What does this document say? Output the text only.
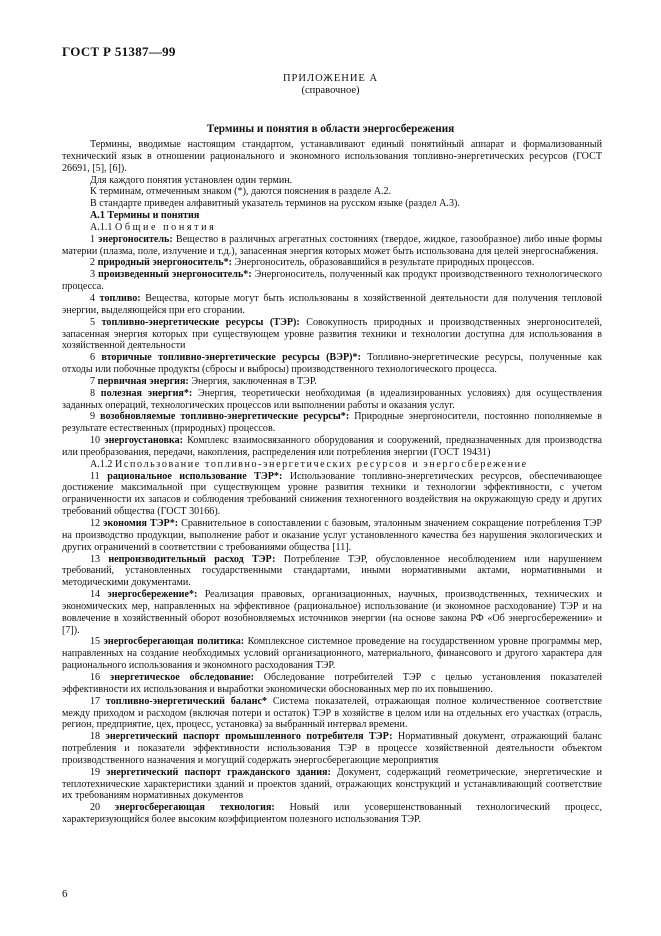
ГОСТ Р 51387—99
ПРИЛОЖЕНИЕ А
(справочное)
Термины и понятия в области энергосбережения

Термины, вводимые настоящим стандартом, устанавливают единый понятийный аппарат и формализованный технический язык в отношении рационального и экономного использования топливно-энергетических ресурсов (ГОСТ 26691, [5], [6]).

Для каждого понятия установлен один термин.

К терминам, отмеченным знаком (*), даются пояснения в разделе А.2.

В стандарте приведен алфавитный указатель терминов на русском языке (раздел А.3).

А.1 Термины и понятия

А.1.1 Общие понятия

1 энергоноситель: Вещество в различных агрегатных состояниях (твердое, жидкое, газообразное) либо иные формы материи (плазма, поле, излучение и т.д.), запасенная энергия которых может быть использована для целей энергоснабжения.

2 природный энергоноситель*: Энергоноситель, образовавшийся в результате природных процессов.

3 произведенный энергоноситель*: Энергоноситель, полученный как продукт производственного технологического процесса.

4 топливо: Вещества, которые могут быть использованы в хозяйственной деятельности для получения тепловой энергии, выделяющейся при его сгорании.

5 топливно-энергетические ресурсы (ТЭР): Совокупность природных и производственных энергоносителей, запасенная энергия которых при существующем уровне развития техники и технологии доступна для использования в хозяйственной деятельности

6 вторичные топливно-энергетические ресурсы (ВЭР)*: Топливно-энергетические ресурсы, полученные как отходы или побочные продукты (сбросы и выбросы) производственного технологического процесса.

7 первичная энергия: Энергия, заключенная в ТЭР.

8 полезная энергия*: Энергия, теоретически необходимая (в идеализированных условиях) для осуществления заданных операций, технологических процессов или выполнении работы и оказания услуг.

9 возобновляемые топливно-энергетические ресурсы*: Природные энергоносители, постоянно пополняемые в результате естественных (природных) процессов.

10 энергоустановка: Комплекс взаимосвязанного оборудования и сооружений, предназначенных для производства или преобразования, передачи, накопления, распределения или потребления энергии (ГОСТ 19431)

А.1.2 Использование топливно-энергетических ресурсов и энергосбережение

11 рациональное использование ТЭР*: Использование топливно-энергетических ресурсов, обеспечивающее достижение максимальной при существующем уровне развития техники и технологии эффективности, с учетом ограниченности их запасов и соблюдения требований снижения техногенного воздействия на окружающую среду и других требований общества (ГОСТ 30166).

12 экономия ТЭР*: Сравнительное в сопоставлении с базовым, эталонным значением сокращение потребления ТЭР на производство продукции, выполнение работ и оказание услуг установленного качества без нарушения экологических и других ограничений в соответствии с требованиями общества [11].

13 непроизводительный расход ТЭР: Потребление ТЭР, обусловленное несоблюдением или нарушением требований, установленных государственными стандартами, иными нормативными актами, нормативными и методическими документами.

14 энергосбережение*: Реализация правовых, организационных, научных, производственных, технических и экономических мер, направленных на эффективное (рациональное) использование (и экономное расходование) ТЭР и на вовлечение в хозяйственный оборот возобновляемых источников энергии (на основе закона РФ «Об энергосбережении» и [7]).

15 энергосберегающая политика: Комплексное системное проведение на государственном уровне программы мер, направленных на создание необходимых условий организационного, материального, финансового и другого характера для рационального использования и экономного расходования ТЭР.

16 энергетическое обследование: Обследование потребителей ТЭР с целью установления показателей эффективности их использования и выработки экономически обоснованных мер по их повышению.

17 топливно-энергетический баланс* Система показателей, отражающая полное количественное соответствие между приходом и расходом (включая потери и остаток) ТЭР в хозяйстве в целом или на отдельных его участках (отрасль, регион, предприятие, цех, процесс, установка) за выбранный интервал времени.

18 энергетический паспорт промышленного потребителя ТЭР: Нормативный документ, отражающий баланс потребления и показатели эффективности использования ТЭР в процессе хозяйственной деятельности объектом производственного назначения и могущий содержать энергосберегающие мероприятия

19 энергетический паспорт гражданского здания: Документ, содержащий геометрические, энергетические и теплотехнические характеристики зданий и проектов зданий, отражающих конструкций и устанавливающий соответствие их требованиям нормативных документов

20 энергосберегающая технология: Новый или усовершенствованный технологический процесс, характеризующийся более высоким коэффициентом полезного использования ТЭР.

6
